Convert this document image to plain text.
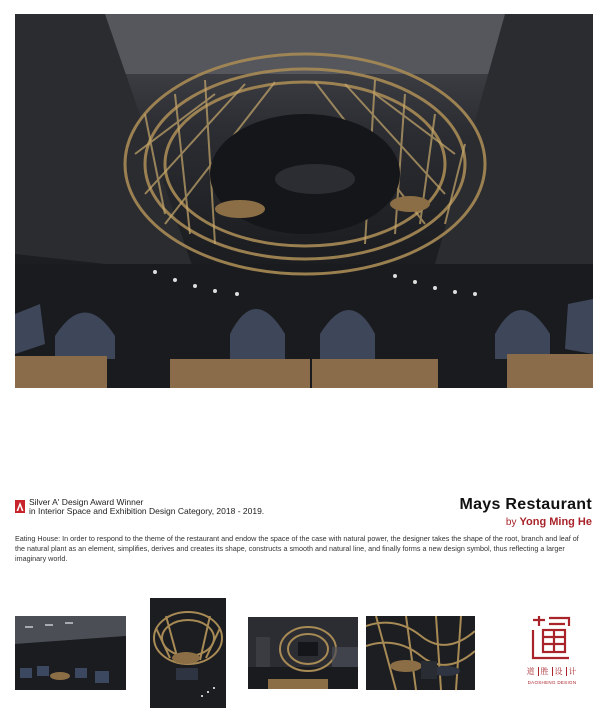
Silver A' Design Award Winner
in Interior Space and Exhibition Design Category, 2018 - 2019.	Mays Restaurant
by Yong Ming He
Eating House: In order to respond to the theme of the restaurant and endow the space of the case with natural power, the designer takes the shape of the root, branch and leaf of the natural plant as an element, simplifies, derives and creates its shape, constructs a smooth and natural line, and finally forms a new design symbol, thus reflecting a larger imaginary world.
道 胜 设 计
DAOSHENG DESIGN
